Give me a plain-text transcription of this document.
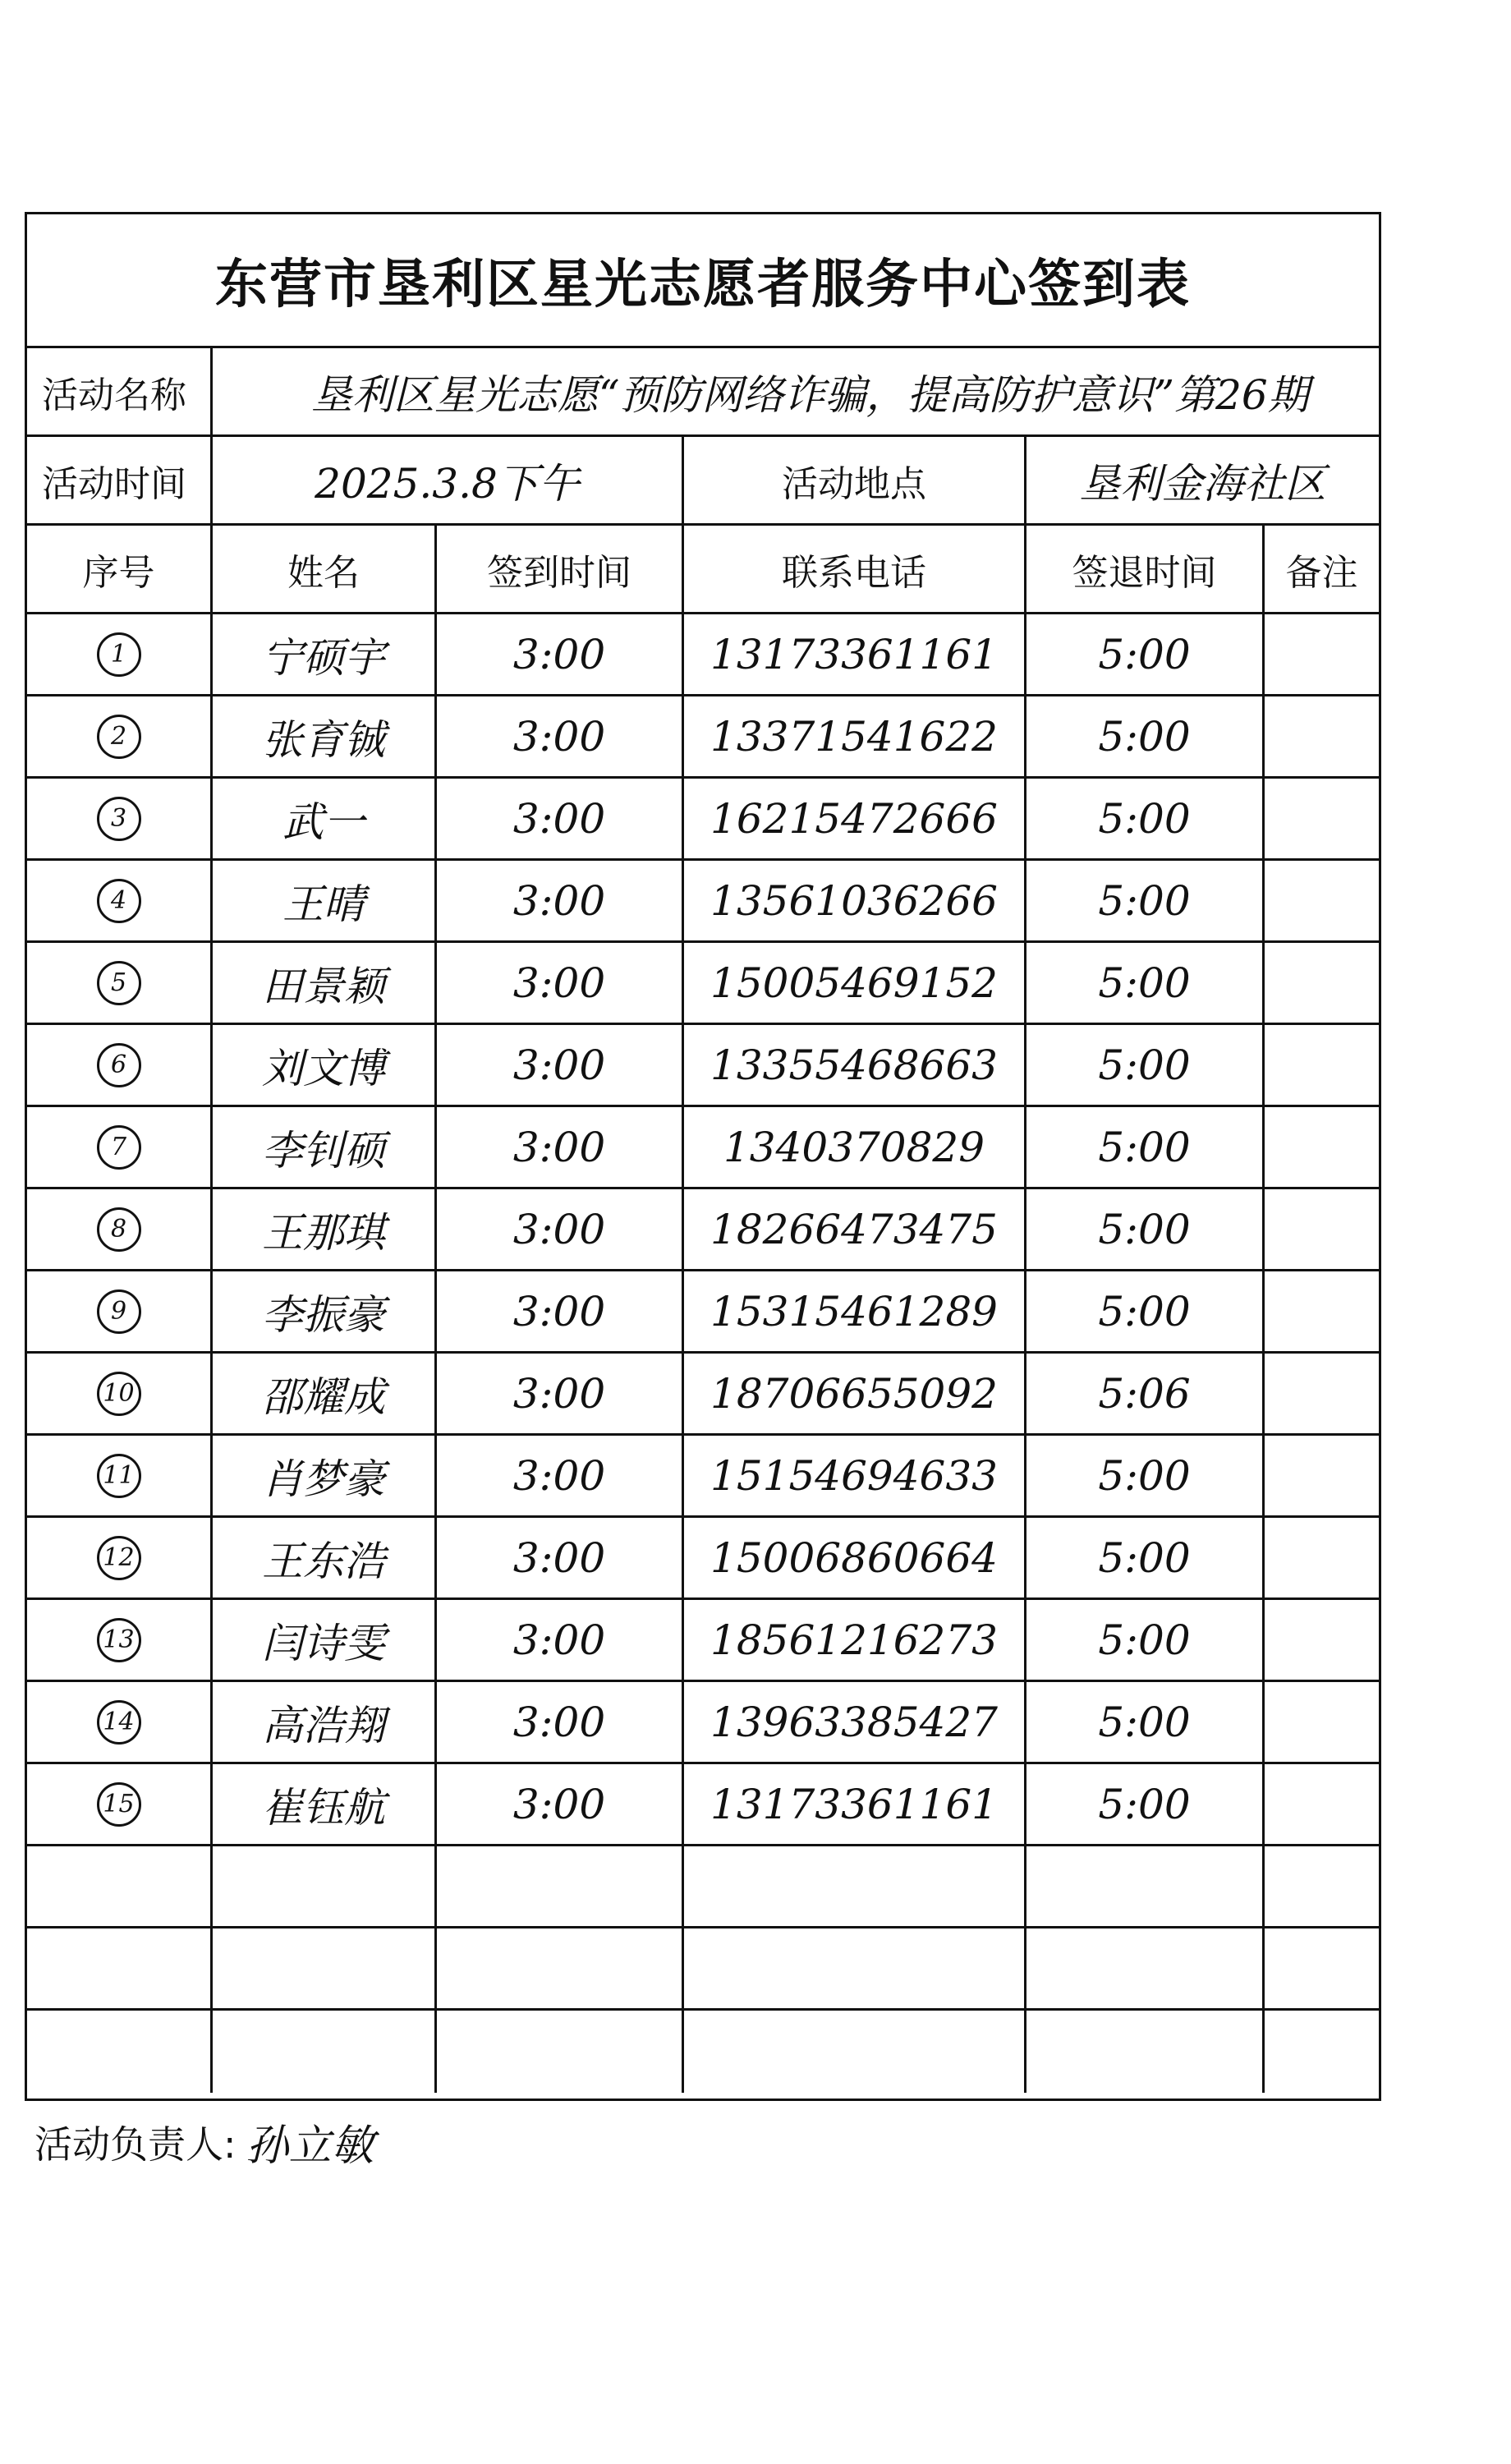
东营市垦利区星光志愿者服务中心签到表
活动名称	垦利区星光志愿“预防网络诈骗，提高防护意识”第26期
活动时间	2025.3.8下午	活动地点	垦利金海社区
序号	姓名	签到时间	联系电话	签退时间	备注
1	宁硕宇	3:00	13173361161	5:00
2	张育铖	3:00	13371541622	5:00
3	武一	3:00	16215472666	5:00
4	王晴	3:00	13561036266	5:00
5	田景颖	3:00	15005469152	5:00
6	刘文博	3:00	13355468663	5:00
7	李钊硕	3:00	1340370829	5:00
8	王那琪	3:00	18266473475	5:00
9	李振豪	3:00	15315461289	5:00
10	邵耀成	3:00	18706655092	5:06
11	肖梦豪	3:00	15154694633	5:00
12	王东浩	3:00	15006860664	5:00
13	闫诗雯	3:00	18561216273	5:00
14	高浩翔	3:00	13963385427	5:00
15	崔钰航	3:00	13173361161	5:00
活动负责人: 孙立敏
